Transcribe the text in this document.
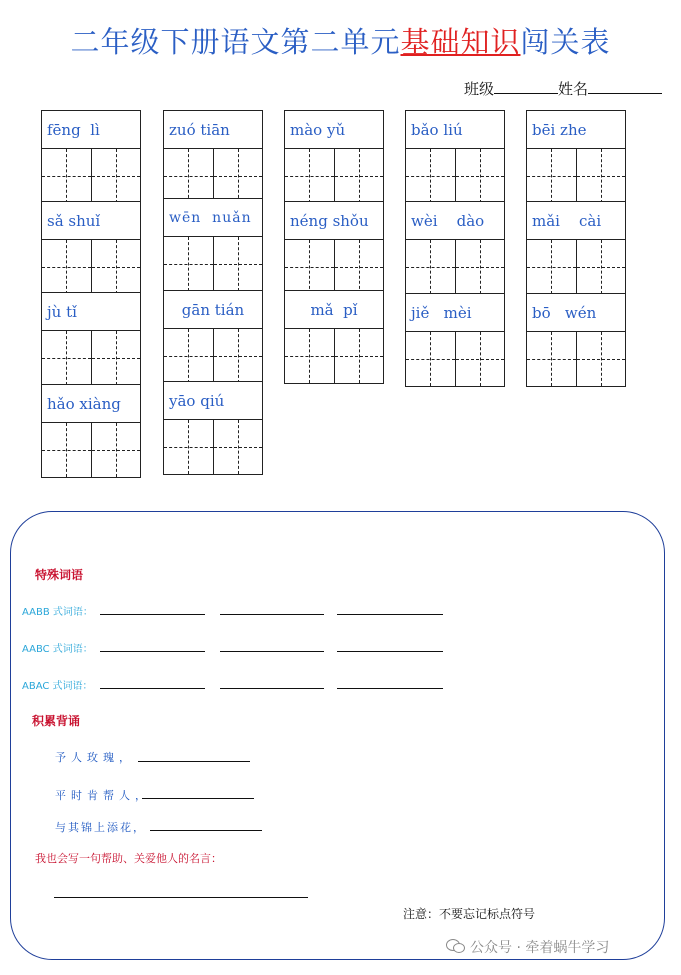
二年级下册语文第二单元基础知识闯关表
班级	姓名
fēng  lì
sǎ shuǐ
jù tǐ
hǎo xiàng
zuó tiān
wēn  nuǎn
gān tián
yāo qiú
mào yǔ
néng shǒu
mǎ  pǐ
bǎo liú
wèi    dào
jiě   mèi
bēi zhe
mǎi    cài
bō   wén
特殊词语
AABB 式词语：
AABC 式词语：
ABAC 式词语：
积累背诵
予人玫瑰，
平时肯帮人，
与其锦上添花，
我也会写一句帮助、关爱他人的名言：
注意：不要忘记标点符号
公众号 · 牵着蜗牛学习
